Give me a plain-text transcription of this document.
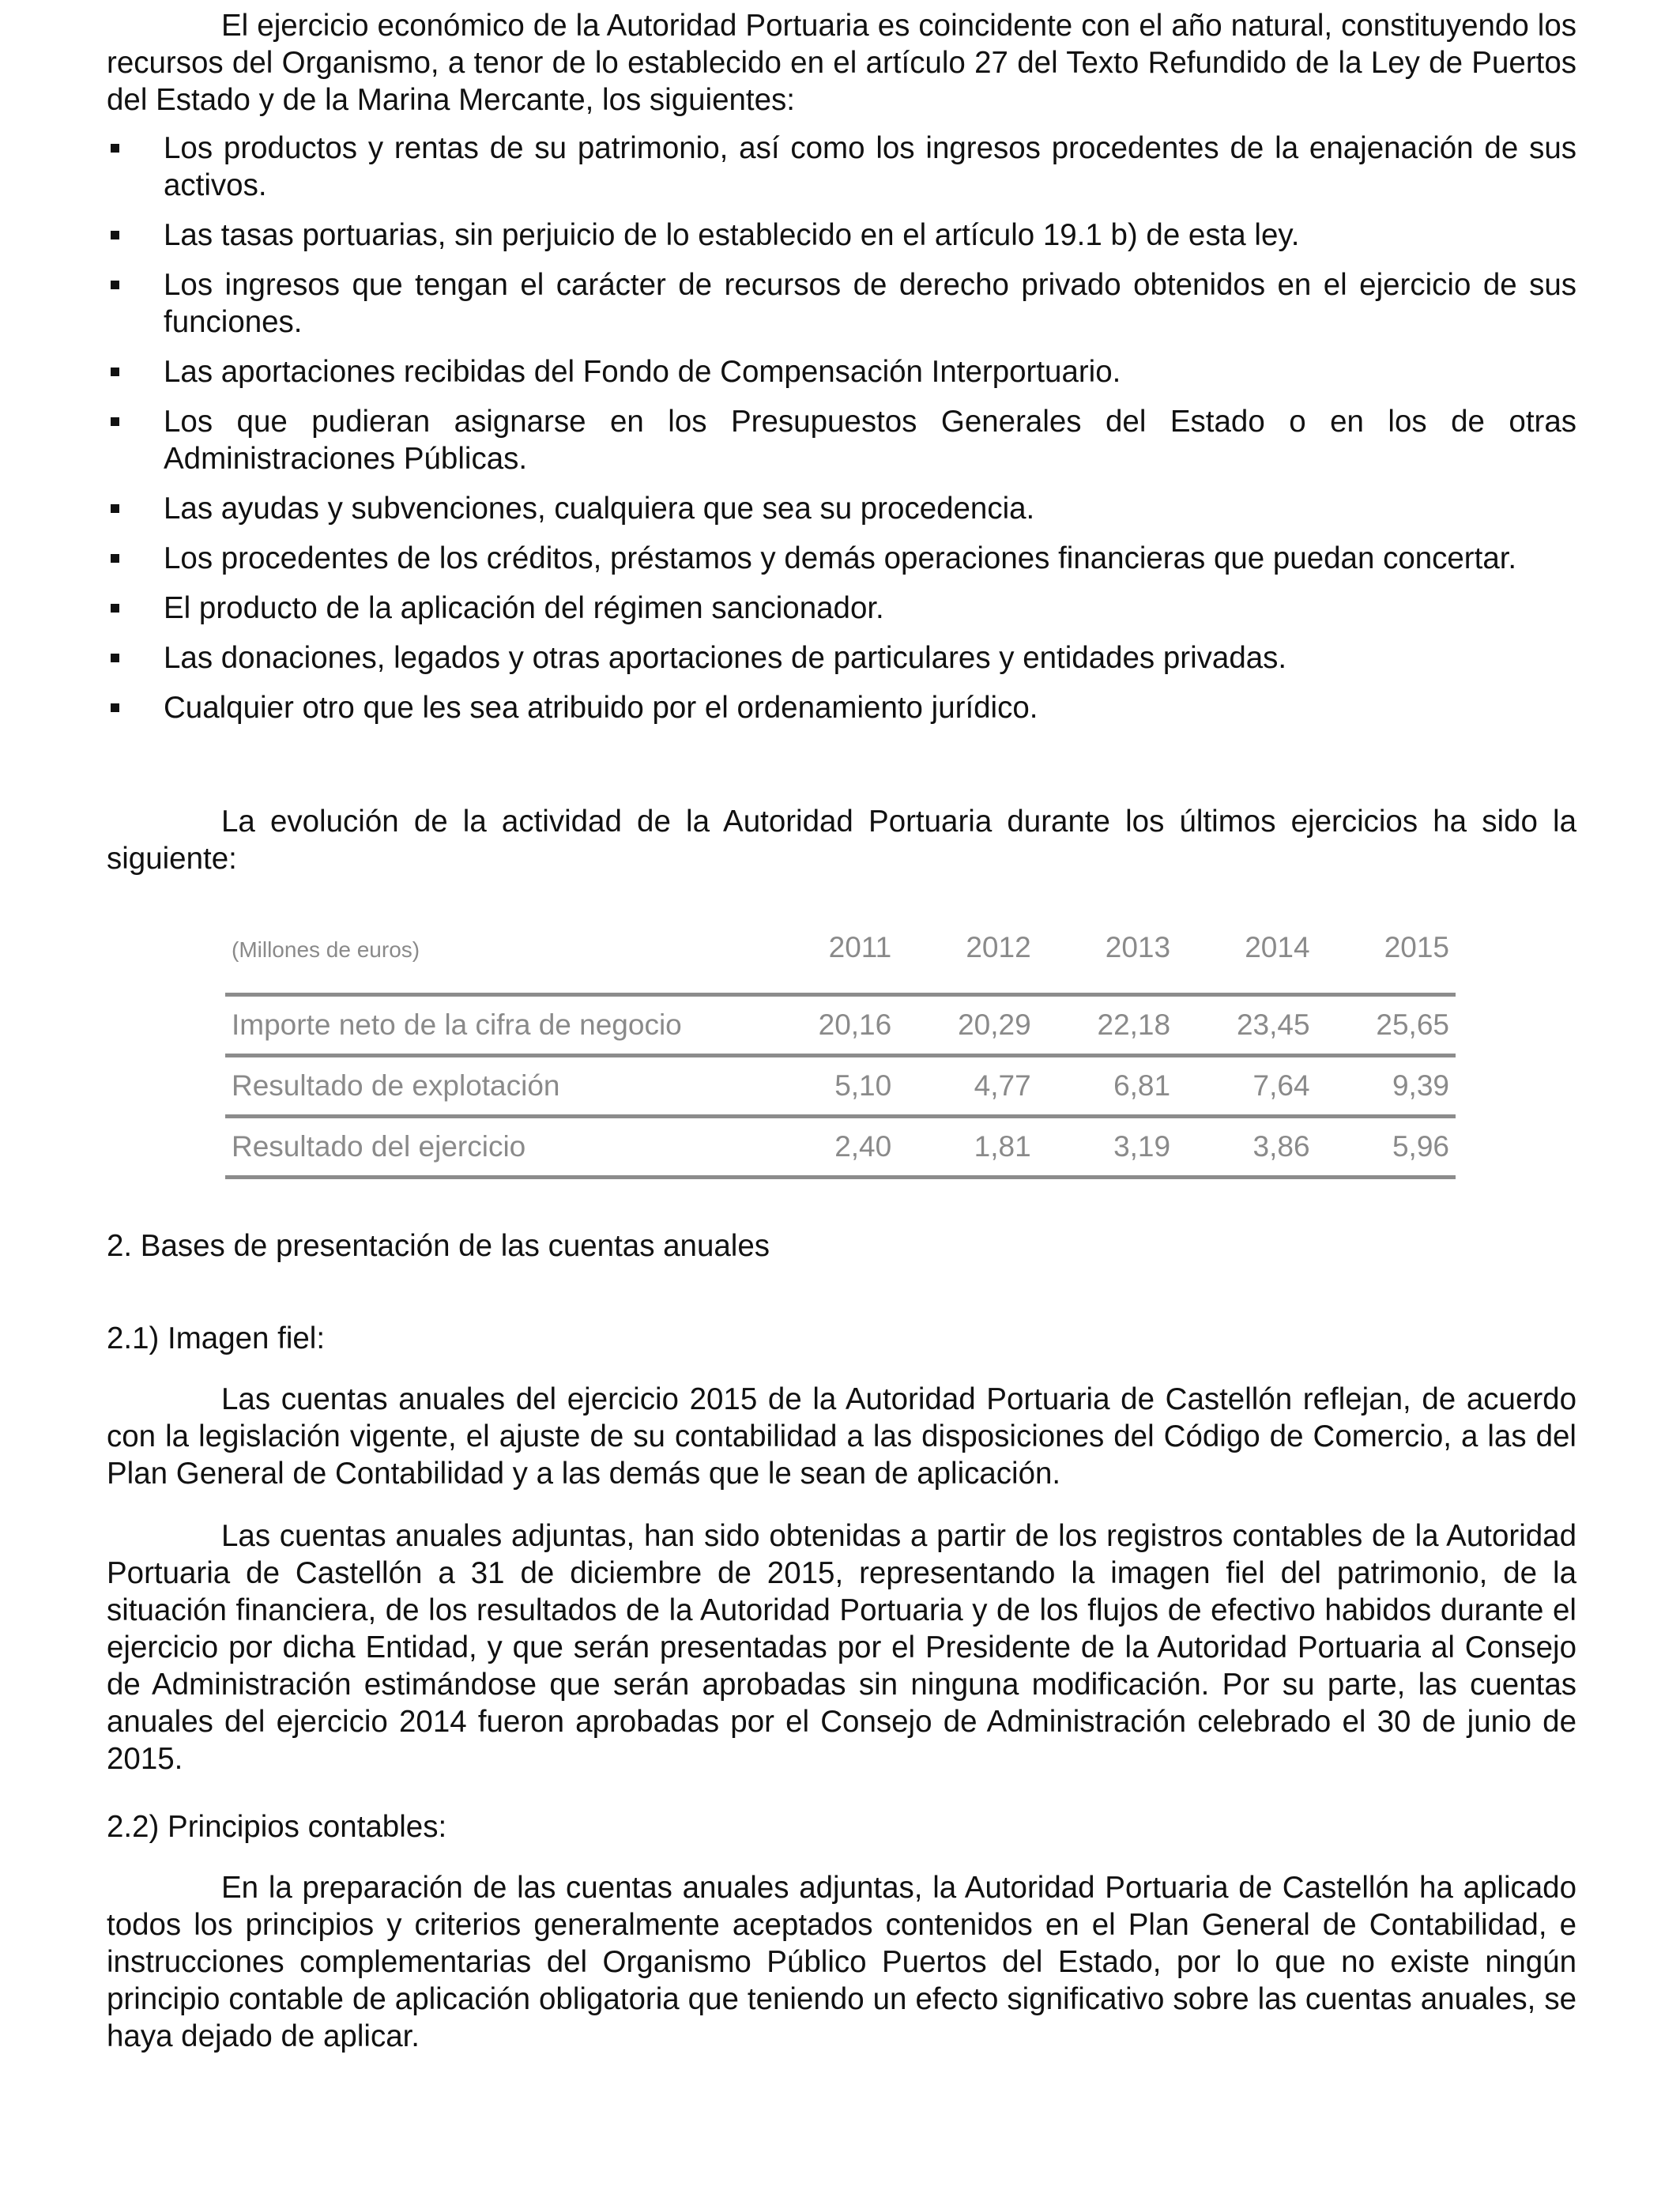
El ejercicio económico de la Autoridad Portuaria es coincidente con el año natural, constituyendo los recursos del Organismo, a tenor de lo establecido en el artículo 27 del Texto Refundido de la Ley de Puertos del Estado y de la Marina Mercante, los siguientes:

Los productos y rentas de su patrimonio, así como los ingresos procedentes de la enajenación de sus activos.
Las tasas portuarias, sin perjuicio de lo establecido en el artículo 19.1 b) de esta ley.
Los ingresos que tengan el carácter de recursos de derecho privado obtenidos en el ejercicio de sus funciones.
Las aportaciones recibidas del Fondo de Compensación Interportuario.
Los que pudieran asignarse en los Presupuestos Generales del Estado o en los de otras Administraciones Públicas.
Las ayudas y subvenciones, cualquiera que sea su procedencia.
Los procedentes de los créditos, préstamos y demás operaciones financieras que puedan concertar.
El producto de la aplicación del régimen sancionador.
Las donaciones, legados y otras aportaciones de particulares y entidades privadas.
Cualquier otro que les sea atribuido por el ordenamiento jurídico.

La evolución de la actividad de la Autoridad Portuaria durante los últimos ejercicios ha sido la siguiente:

(Millones de euros)	2011	2012	2013	2014	2015
Importe neto de la cifra de negocio	20,16	20,29	22,18	23,45	25,65
Resultado de explotación	5,10	4,77	6,81	7,64	9,39
Resultado del ejercicio	2,40	1,81	3,19	3,86	5,96

2. Bases de presentación de las cuentas anuales

2.1) Imagen fiel:

Las cuentas anuales del ejercicio 2015 de la Autoridad Portuaria de Castellón reflejan, de acuerdo con la legislación vigente, el ajuste de su contabilidad a las disposiciones del Código de Comercio, a las del Plan General de Contabilidad y a las demás que le sean de aplicación.

Las cuentas anuales adjuntas, han sido obtenidas a partir de los registros contables de la Autoridad Portuaria de Castellón a 31 de diciembre de 2015, representando la imagen fiel del patrimonio, de la situación financiera, de los resultados de la Autoridad Portuaria y de los flujos de efectivo habidos durante el ejercicio por dicha Entidad, y que serán presentadas por el Presidente de la Autoridad Portuaria al Consejo de Administración estimándose que serán aprobadas sin ninguna modificación. Por su parte, las cuentas anuales del ejercicio 2014 fueron aprobadas por el Consejo de Administración celebrado el 30 de junio de 2015.

2.2) Principios contables:

En la preparación de las cuentas anuales adjuntas, la Autoridad Portuaria de Castellón ha aplicado todos los principios y criterios generalmente aceptados contenidos en el Plan General de Contabilidad, e instrucciones complementarias del Organismo Público Puertos del Estado, por lo que no existe ningún principio contable de aplicación obligatoria que teniendo un efecto significativo sobre las cuentas anuales, se haya dejado de aplicar.
